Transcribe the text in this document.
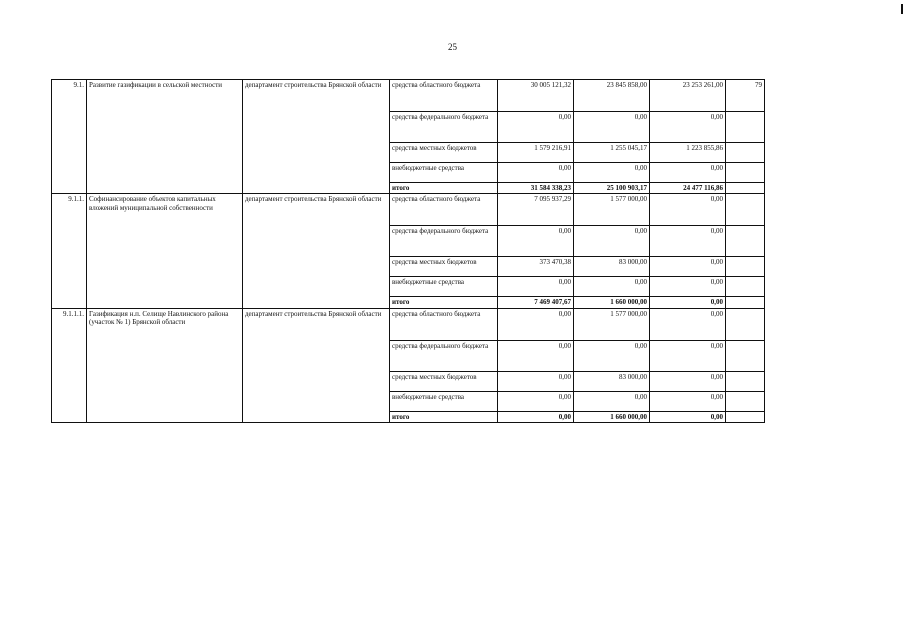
25
9.1.	Развитие газификации в сельской местности	департамент строительства Брянской области	средства областного бюджета	30 005 121,32	23 845 858,00	23 253 261,00	79
			средства федерального бюджета	0,00	0,00	0,00	
			средства местных бюджетов	1 579 216,91	1 255 045,17	1 223 855,86	
			внебюджетные средства	0,00	0,00	0,00	
			итого	31 584 338,23	25 100 903,17	24 477 116,86	
9.1.1.	Софинансирование объектов капитальных вложений муниципальной собственности	департамент строительства Брянской области	средства областного бюджета	7 095 937,29	1 577 000,00	0,00	
			средства федерального бюджета	0,00	0,00	0,00	
			средства местных бюджетов	373 470,38	83 000,00	0,00	
			внебюджетные средства	0,00	0,00	0,00	
			итого	7 469 407,67	1 660 000,00	0,00	
9.1.1.1.	Газификация н.п. Селище Навлинского района (участок № 1) Брянской области	департамент строительства Брянской области	средства областного бюджета	0,00	1 577 000,00	0,00	
			средства федерального бюджета	0,00	0,00	0,00	
			средства местных бюджетов	0,00	83 000,00	0,00	
			внебюджетные средства	0,00	0,00	0,00	
			итого	0,00	1 660 000,00	0,00	
